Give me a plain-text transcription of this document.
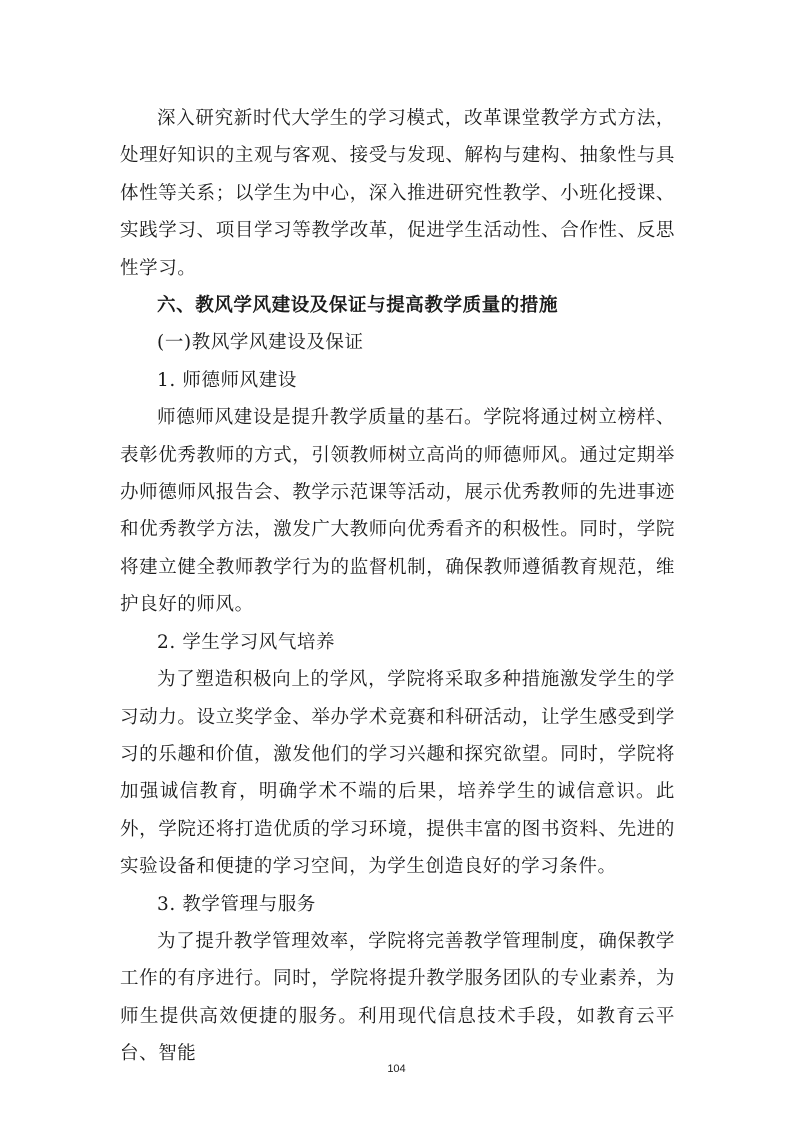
深入研究新时代大学生的学习模式，改革课堂教学方式方法，处理好知识的主观与客观、接受与发现、解构与建构、抽象性与具体性等关系；以学生为中心，深入推进研究性教学、小班化授课、实践学习、项目学习等教学改革，促进学生活动性、合作性、反思性学习。

六、教风学风建设及保证与提高教学质量的措施

(一)教风学风建设及保证

1. 师德师风建设

师德师风建设是提升教学质量的基石。学院将通过树立榜样、表彰优秀教师的方式，引领教师树立高尚的师德师风。通过定期举办师德师风报告会、教学示范课等活动，展示优秀教师的先进事迹和优秀教学方法，激发广大教师向优秀看齐的积极性。同时，学院将建立健全教师教学行为的监督机制，确保教师遵循教育规范，维护良好的师风。

2. 学生学习风气培养

为了塑造积极向上的学风，学院将采取多种措施激发学生的学习动力。设立奖学金、举办学术竞赛和科研活动，让学生感受到学习的乐趣和价值，激发他们的学习兴趣和探究欲望。同时，学院将加强诚信教育，明确学术不端的后果，培养学生的诚信意识。此外，学院还将打造优质的学习环境，提供丰富的图书资料、先进的实验设备和便捷的学习空间，为学生创造良好的学习条件。

3. 教学管理与服务

为了提升教学管理效率，学院将完善教学管理制度，确保教学工作的有序进行。同时，学院将提升教学服务团队的专业素养，为师生提供高效便捷的服务。利用现代信息技术手段，如教育云平台、智能

104
